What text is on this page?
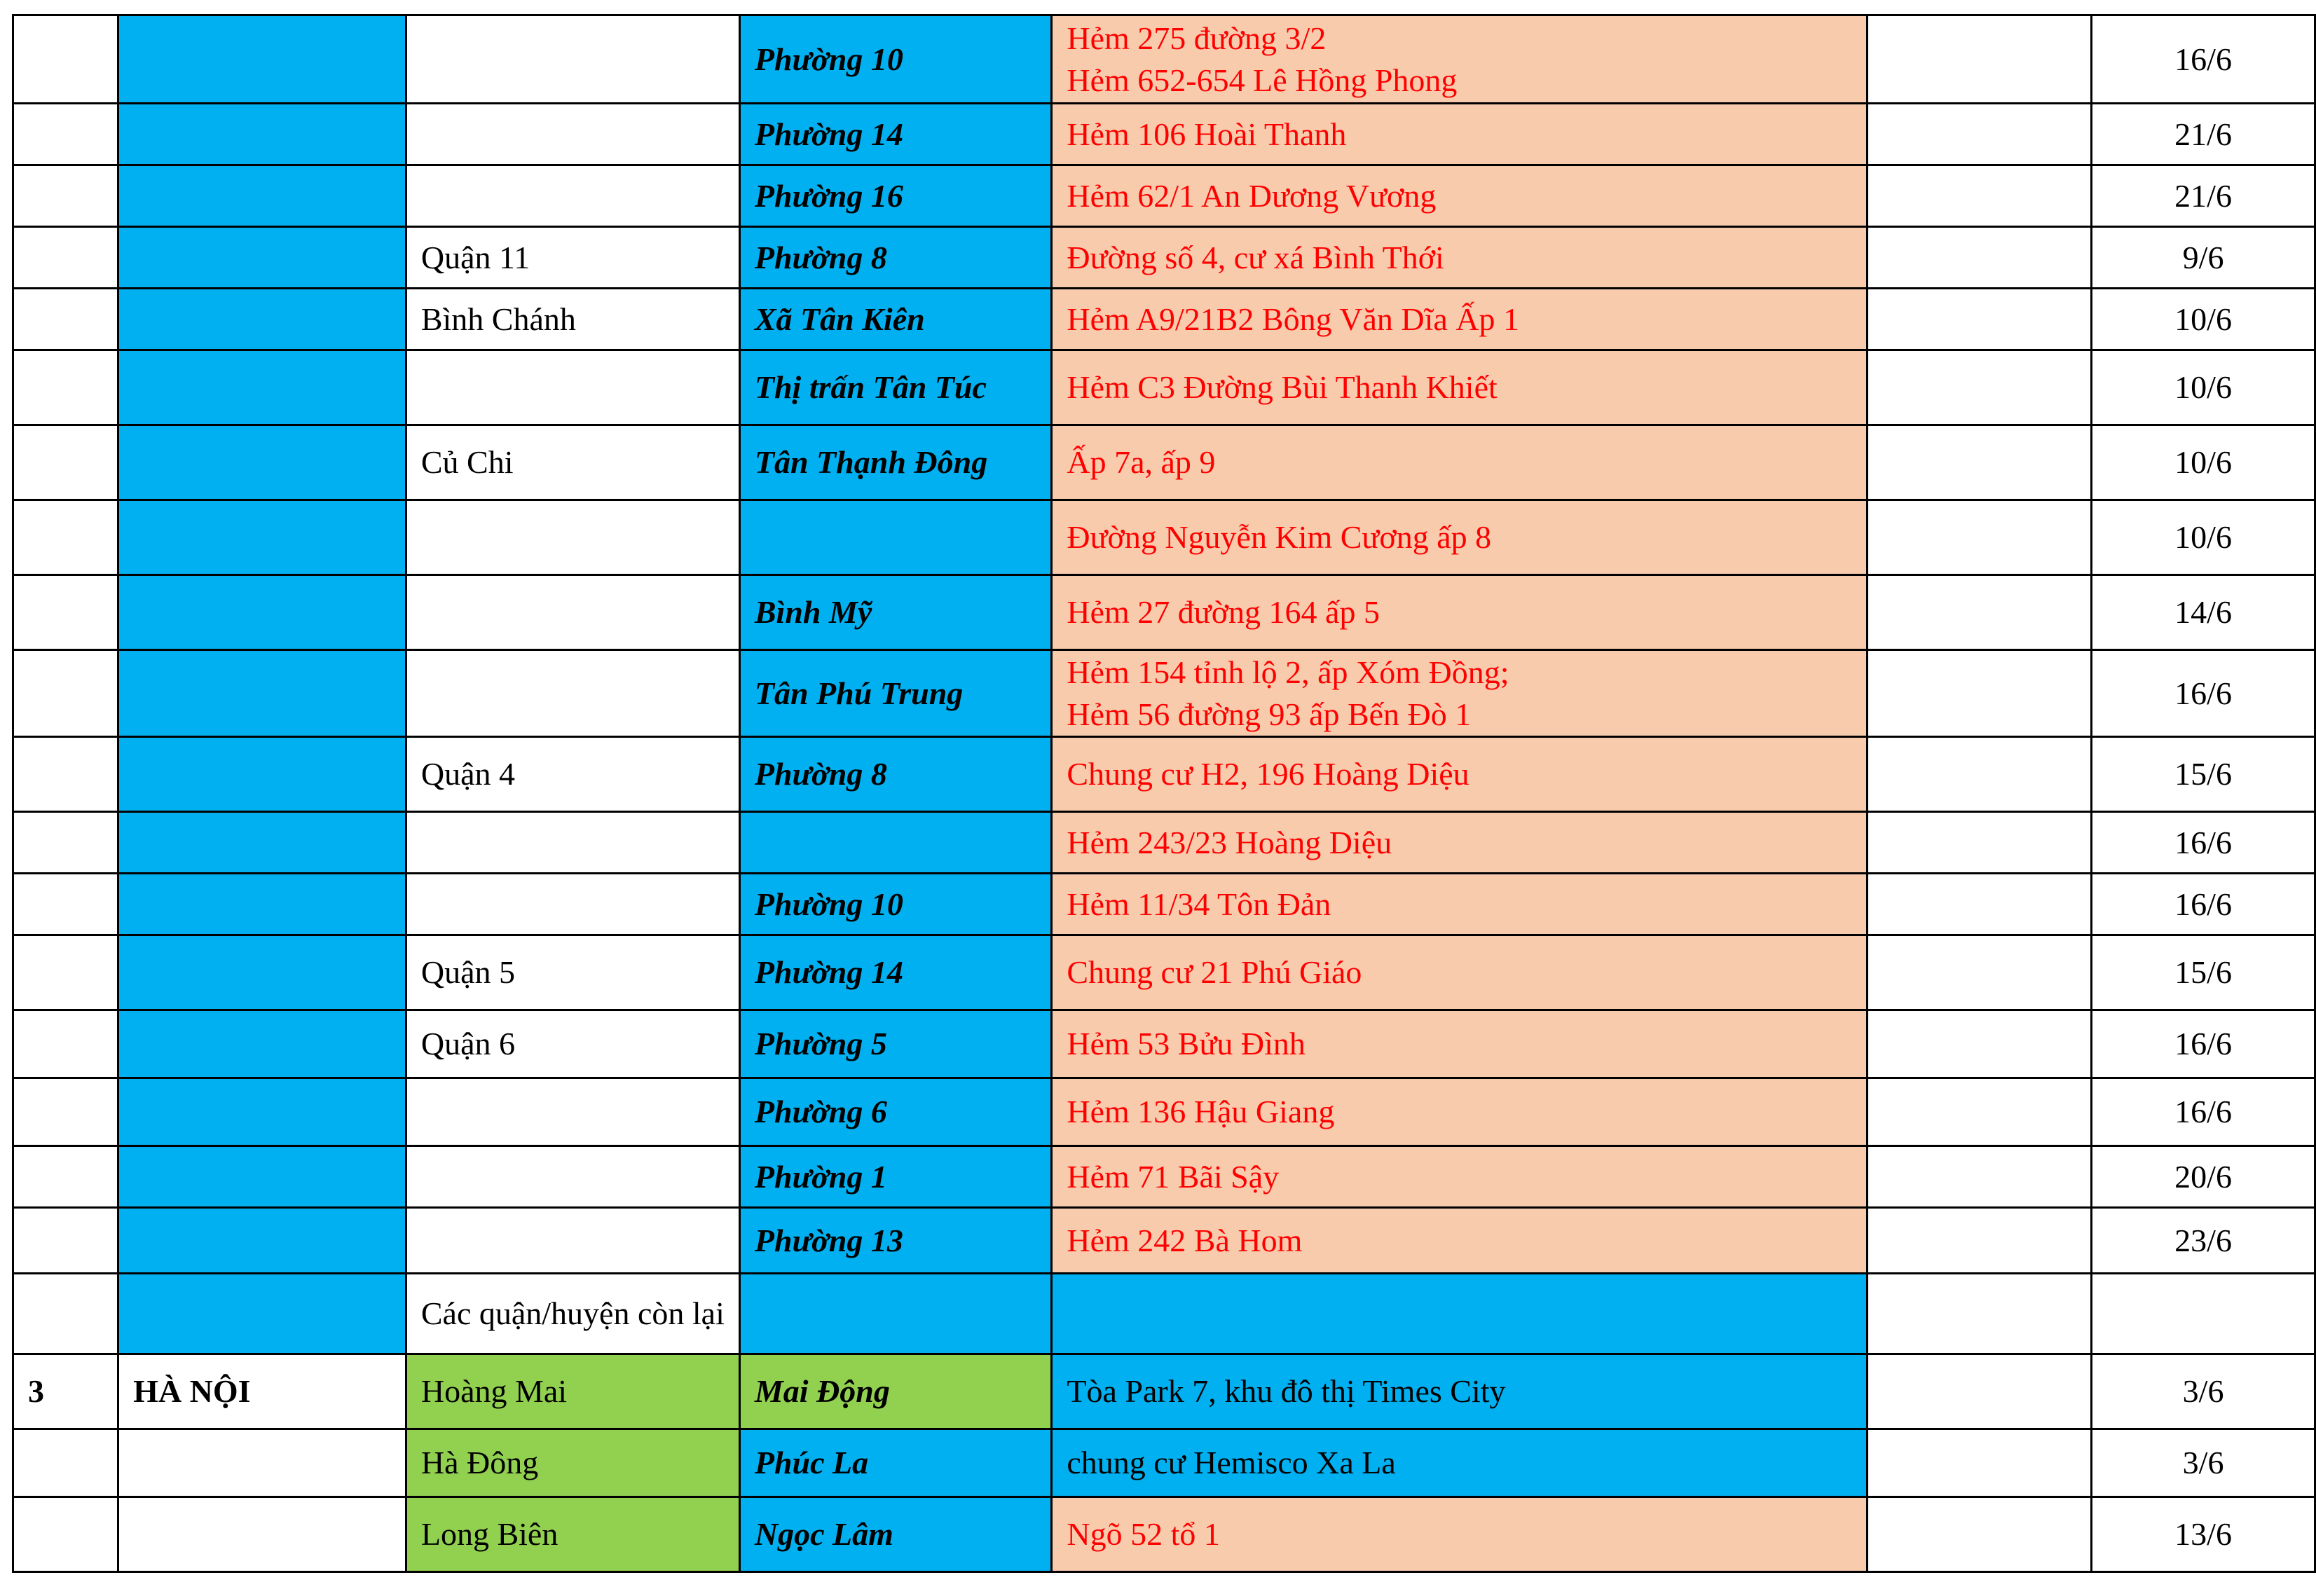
			Phường 10	Hẻm 275 đường 3/2
Hẻm 652-654 Lê Hồng Phong		16/6
			Phường 14	Hẻm 106 Hoài Thanh		21/6
			Phường 16	Hẻm 62/1 An Dương Vương		21/6
		Quận 11	Phường 8	Đường số 4, cư xá Bình Thới		9/6
		Bình Chánh	Xã Tân Kiên	Hẻm A9/21B2 Bông Văn Dĩa Ấp 1		10/6
			Thị trấn Tân Túc	Hẻm C3 Đường Bùi Thanh Khiết		10/6
		Củ Chi	Tân Thạnh Đông	Ấp 7a, ấp 9		10/6

				Đường Nguyễn Kim Cương ấp 8		10/6
			Bình Mỹ	Hẻm 27 đường 164 ấp 5		14/6
			Tân Phú Trung	Hẻm 154 tỉnh lộ 2, ấp Xóm Đồng;
Hẻm 56 đường 93 ấp Bến Đò 1		16/6
		Quận 4	Phường 8	Chung cư H2, 196 Hoàng Diệu		15/6

				Hẻm 243/23 Hoàng Diệu		16/6
			Phường 10	Hẻm 11/34 Tôn Đản		16/6
		Quận 5	Phường 14	Chung cư 21 Phú Giáo		15/6
		Quận 6	Phường 5	Hẻm 53 Bửu Đình		16/6
			Phường 6	Hẻm 136 Hậu Giang		16/6
			Phường 1	Hẻm 71 Bãi Sậy		20/6
			Phường 13	Hẻm 242 Bà Hom		23/6
		Các quận/huyện còn lại				
3	HÀ NỘI	Hoàng Mai	Mai Động	Tòa Park 7, khu đô thị Times City		3/6
		Hà Đông	Phúc La	chung cư Hemisco Xa La		3/6
		Long Biên	Ngọc Lâm	Ngõ 52 tổ 1		13/6
